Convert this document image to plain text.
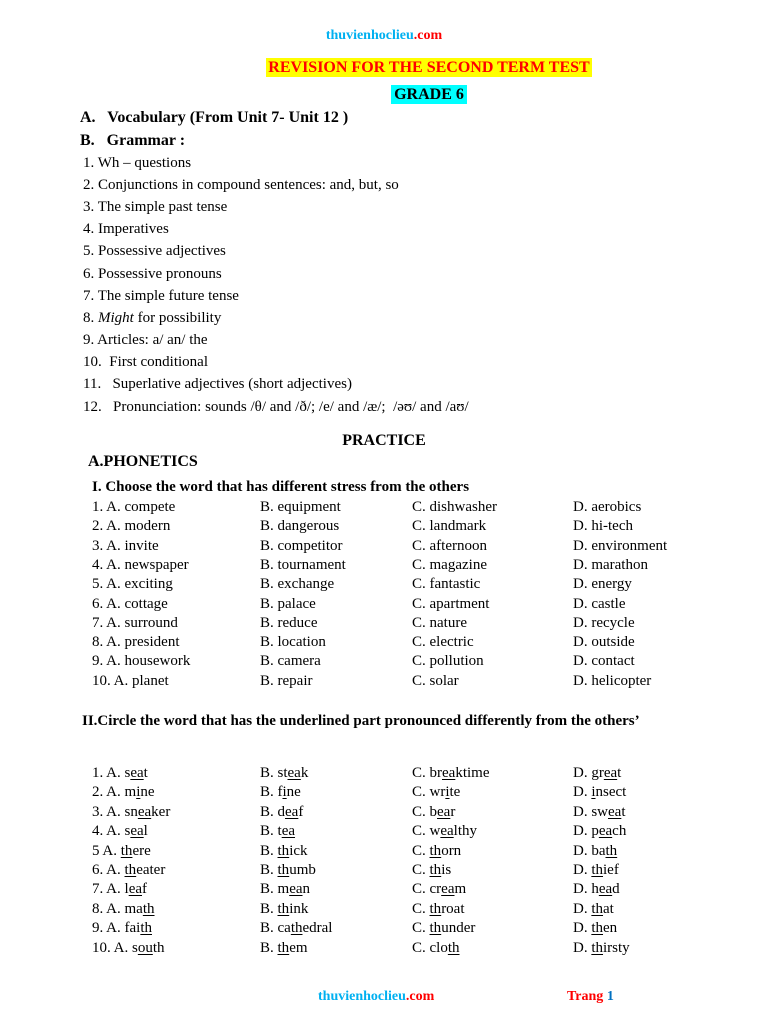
thuvienhoclieu.com
REVISION FOR THE SECOND TERM TEST
GRADE 6
A.   Vocabulary (From Unit 7- Unit 12 )
B.   Grammar :
1. Wh – questions
2. Conjunctions in compound sentences: and, but, so
3. The simple past tense
4. Imperatives
5. Possessive adjectives
6. Possessive pronouns
7. The simple future tense
8. Might for possibility
9. Articles: a/ an/ the
10.  First conditional
11.   Superlative adjectives (short adjectives)
12.   Pronunciation: sounds /θ/ and /ð/; /e/ and /æ/;  /əʊ/ and /aʊ/
PRACTICE
A.PHONETICS
I. Choose the word that has different stress from the others
1. A. compete	B. equipment	C. dishwasher	D. aerobics
2. A. modern	B. dangerous	C. landmark	D. hi-tech
3. A. invite	B. competitor	C. afternoon	D. environment
4. A. newspaper	B. tournament	C. magazine	D. marathon
5. A. exciting	B. exchange	C. fantastic	D. energy
6. A. cottage	B. palace	C. apartment	D. castle
7. A. surround	B. reduce	C. nature	D. recycle
8. A. president	B. location	C. electric	D. outside
9. A. housework	B. camera	C. pollution	D. contact
10. A. planet	B. repair	C. solar	D. helicopter
II.Circle the word that has the underlined part pronounced differently from the others’
1. A. seat	B. steak	C. breaktime	D. great
2. A. mine	B. fine	C. write	D. insect
3. A. sneaker	B. deaf	C. bear	D. sweat
4. A. seal	B. tea	C. wealthy	D. peach
5 A. there	B. thick	C. thorn	D. bath
6. A. theater	B. thumb	C. this	D. thief
7. A. leaf	B. mean	C. cream	D. head
8. A. math	B. think	C. throat	D. that
9. A. faith	B. cathedral	C. thunder	D. then
10. A. south	B. them	C. cloth	D. thirsty
thuvienhoclieu.com	Trang 1
